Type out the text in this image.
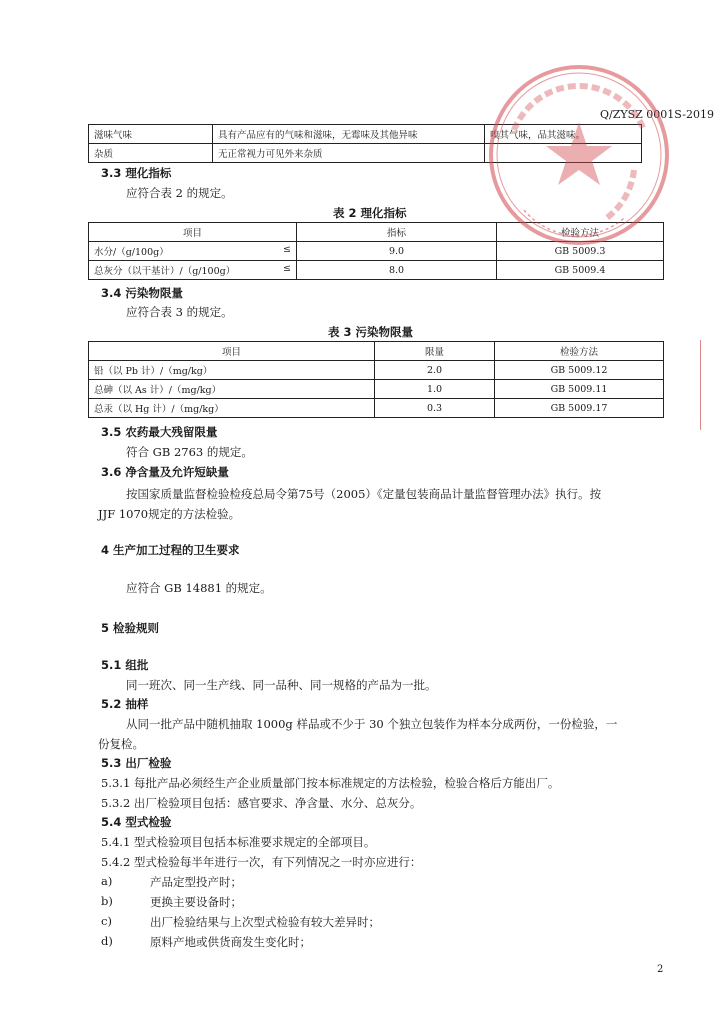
Q/ZYSZ 0001S-2019
滋味气味	具有产品应有的气味和滋味，无霉味及其他异味	嗅其气味，品其滋味。
杂质	无正常视力可见外来杂质	
3.3 理化指标
应符合表 2 的规定。
表 2 理化指标
项目	指标	检验方法
水分/（g/100g） ≤	9.0	GB 5009.3
总灰分（以干基计）/（g/100g） ≤	8.0	GB 5009.4
3.4 污染物限量
应符合表 3 的规定。
表 3 污染物限量
项目	限量	检验方法
铅（以 Pb 计）/（mg/kg）	2.0	GB 5009.12
总砷（以 As 计）/（mg/kg）	1.0	GB 5009.11
总汞（以 Hg 计）/（mg/kg）	0.3	GB 5009.17
3.5 农药最大残留限量
符合 GB 2763 的规定。
3.6 净含量及允许短缺量
按国家质量监督检验检疫总局令第75号（2005）《定量包装商品计量监督管理办法》执行。按
JJF 1070规定的方法检验。
4 生产加工过程的卫生要求
应符合 GB 14881 的规定。
5 检验规则
5.1 组批
同一班次、同一生产线、同一品种、同一规格的产品为一批。
5.2 抽样
从同一批产品中随机抽取 1000g 样品或不少于 30 个独立包装作为样本分成两份，一份检验，一
份复检。
5.3 出厂检验
5.3.1 每批产品必须经生产企业质量部门按本标准规定的方法检验，检验合格后方能出厂。
5.3.2 出厂检验项目包括：感官要求、净含量、水分、总灰分。
5.4 型式检验
5.4.1 型式检验项目包括本标准要求规定的全部项目。
5.4.2 型式检验每半年进行一次，有下列情况之一时亦应进行：
a)	产品定型投产时；
b)	更换主要设备时；
c)	出厂检验结果与上次型式检验有较大差异时；
d)	原料产地或供货商发生变化时；
2
